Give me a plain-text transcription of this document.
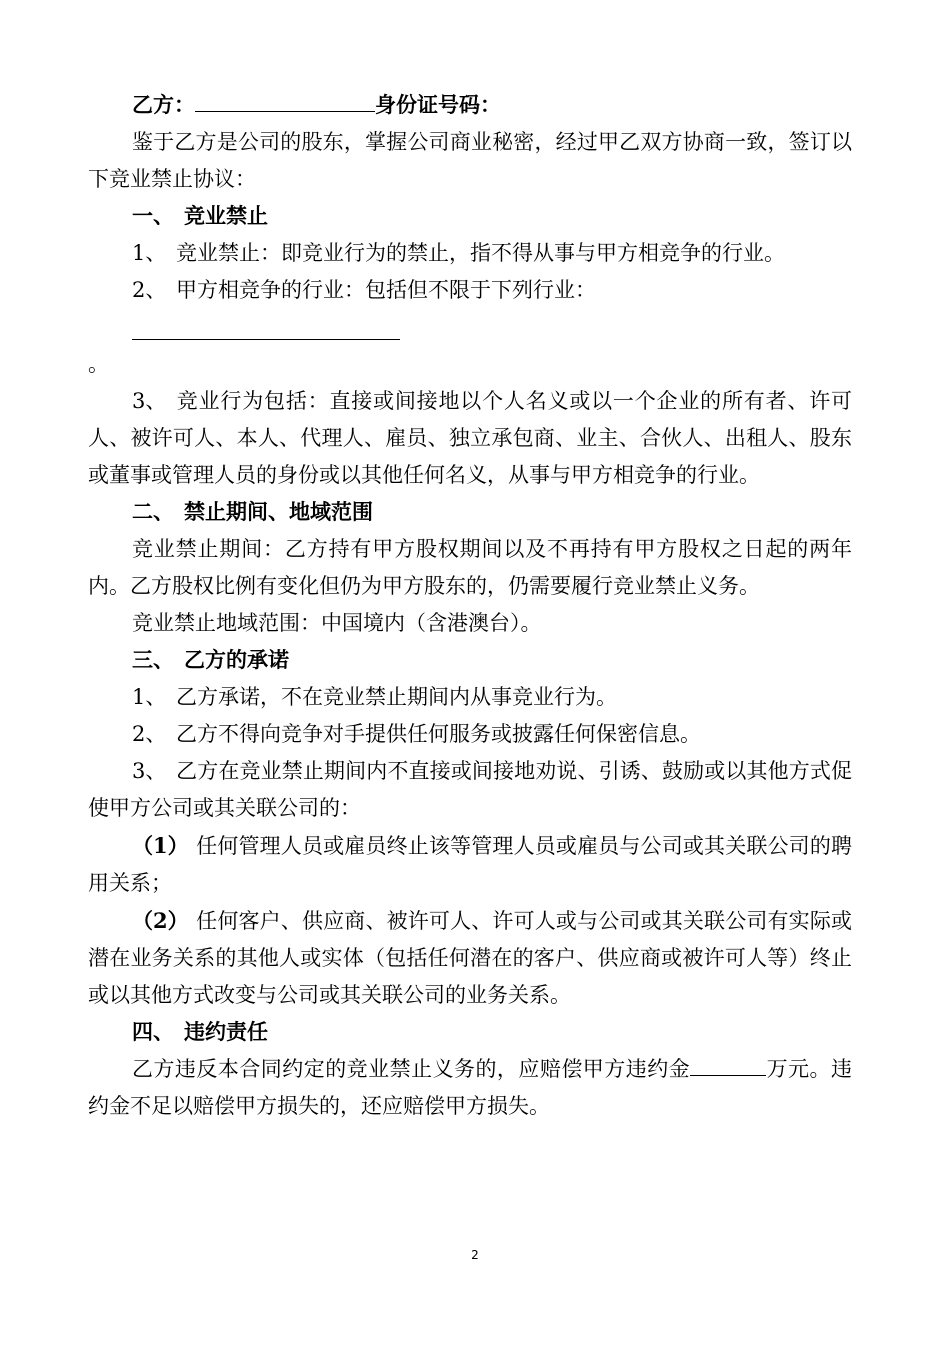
乙方：	身份证号码：

鉴于乙方是公司的股东，掌握公司商业秘密，经过甲乙双方协商一致，签订以下竞业禁止协议：

一、 竞业禁止

1、 竞业禁止：即竞业行为的禁止，指不得从事与甲方相竞争的行业。

2、 甲方相竞争的行业：包括但不限于下列行业：

。

3、 竞业行为包括：直接或间接地以个人名义或以一个企业的所有者、许可人、被许可人、本人、代理人、雇员、独立承包商、业主、合伙人、出租人、股东或董事或管理人员的身份或以其他任何名义，从事与甲方相竞争的行业。

二、 禁止期间、地域范围

竞业禁止期间：乙方持有甲方股权期间以及不再持有甲方股权之日起的两年内。乙方股权比例有变化但仍为甲方股东的，仍需要履行竞业禁止义务。

竞业禁止地域范围：中国境内（含港澳台）。

三、 乙方的承诺

1、 乙方承诺，不在竞业禁止期间内从事竞业行为。

2、 乙方不得向竞争对手提供任何服务或披露任何保密信息。

3、 乙方在竞业禁止期间内不直接或间接地劝说、引诱、鼓励或以其他方式促使甲方公司或其关联公司的：

（1） 任何管理人员或雇员终止该等管理人员或雇员与公司或其关联公司的聘用关系；

（2） 任何客户、供应商、被许可人、许可人或与公司或其关联公司有实际或潜在业务关系的其他人或实体（包括任何潜在的客户、供应商或被许可人等）终止或以其他方式改变与公司或其关联公司的业务关系。

四、 违约责任

乙方违反本合同约定的竞业禁止义务的，应赔偿甲方违约金	万元。违约金不足以赔偿甲方损失的，还应赔偿甲方损失。

2
